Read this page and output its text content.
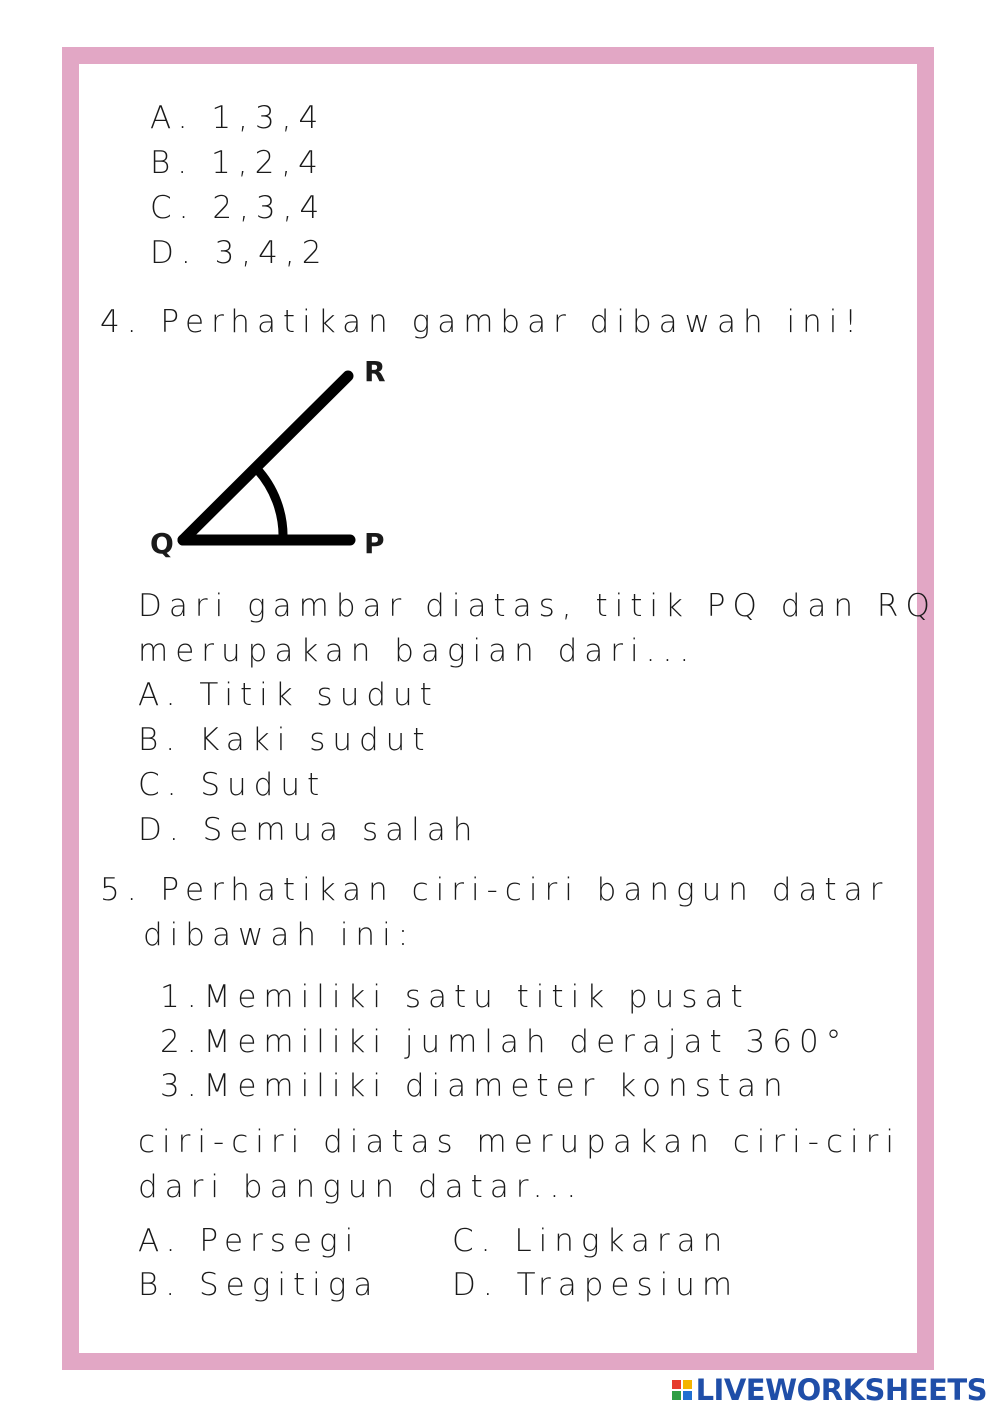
A. 1,3,4
B. 1,2,4
C. 2,3,4
D. 3,4,2
4. Perhatikan gambar dibawah ini!
R
Q	P
Dari gambar diatas, titik PQ dan RQ
merupakan bagian dari...
A. Titik sudut
B. Kaki sudut
C. Sudut
D. Semua salah
5. Perhatikan ciri-ciri bangun datar
dibawah ini:
1.Memiliki satu titik pusat
2.Memiliki jumlah derajat 360°
3.Memiliki diameter konstan
ciri-ciri diatas merupakan ciri-ciri
dari bangun datar...
A. Persegi
B. Segitiga
C. Lingkaran
D. Trapesium
LIVEWORKSHEETS
